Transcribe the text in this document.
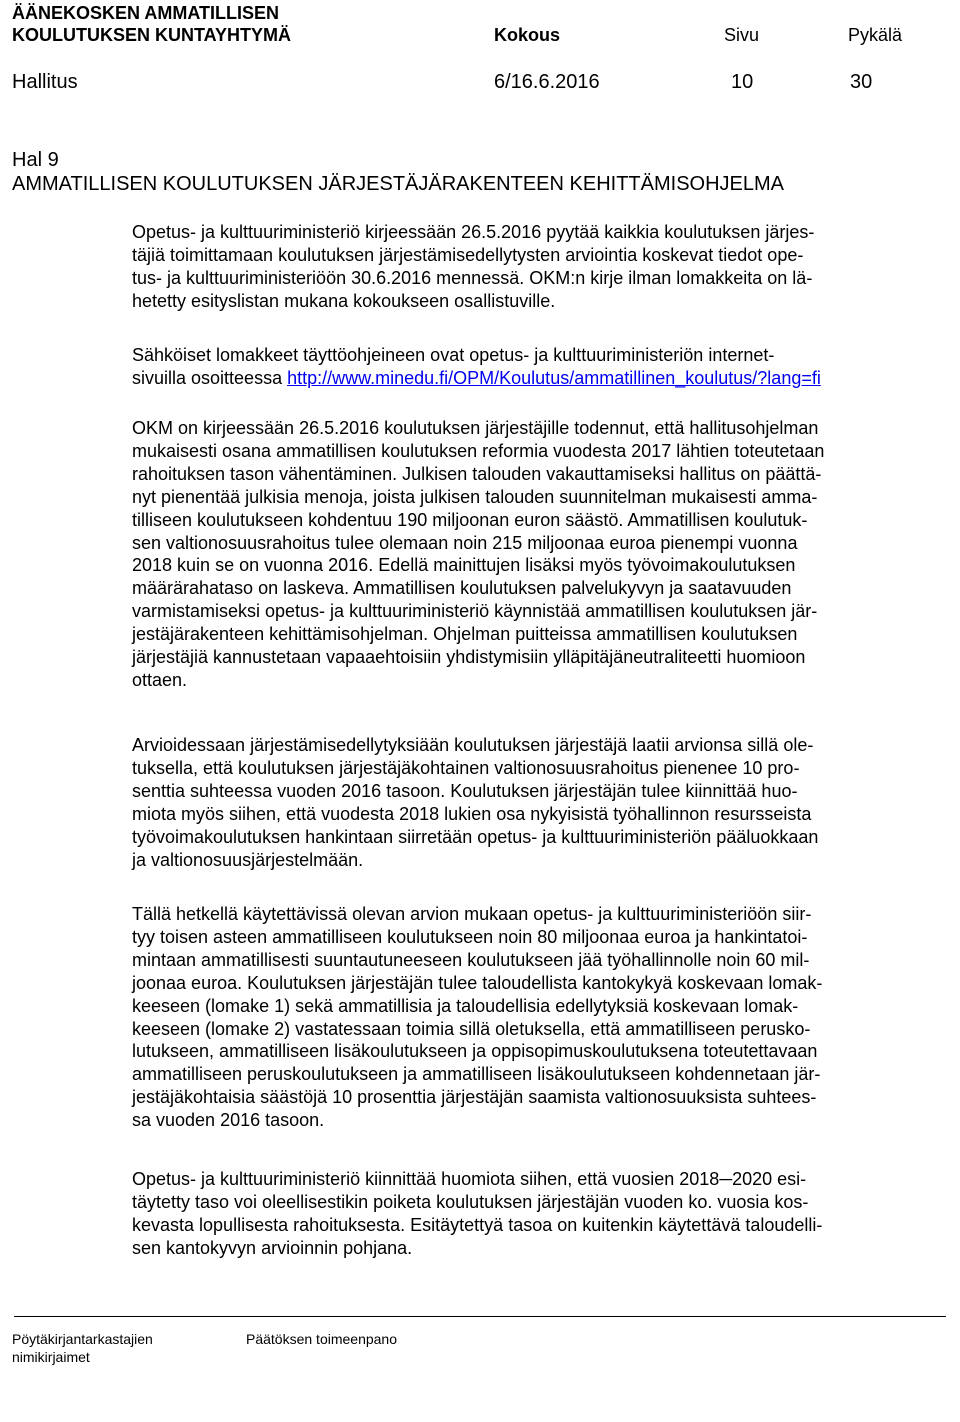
ÄÄNEKOSKEN AMMATILLISEN
KOULUTUKSEN KUNTAYHTYMÄ	Kokous	Sivu	Pykälä
Hallitus	6/16.6.2016	10	30
Hal 9
AMMATILLISEN KOULUTUKSEN JÄRJESTÄJÄRAKENTEEN KEHITTÄMISOHJELMA
Opetus- ja kulttuuriministeriö kirjeessään 26.5.2016 pyytää kaikkia koulutuksen järjes-
täjiä toimittamaan koulutuksen järjestämisedellytysten arviointia koskevat tiedot ope-
tus- ja kulttuuriministeriöön 30.6.2016 mennessä. OKM:n kirje ilman lomakkeita on lä-
hetetty esityslistan mukana kokoukseen osallistuville.
Sähköiset lomakkeet täyttöohjeineen ovat opetus- ja kulttuuriministeriön internet-
sivuilla osoitteessa http://www.minedu.fi/OPM/Koulutus/ammatillinen_koulutus/?lang=fi
OKM on kirjeessään 26.5.2016 koulutuksen järjestäjille todennut, että hallitusohjelman
mukaisesti osana ammatillisen koulutuksen reformia vuodesta 2017 lähtien toteutetaan
rahoituksen tason vähentäminen. Julkisen talouden vakauttamiseksi hallitus on päättä-
nyt pienentää julkisia menoja, joista julkisen talouden suunnitelman mukaisesti amma-
tilliseen koulutukseen kohdentuu 190 miljoonan euron säästö. Ammatillisen koulutuk-
sen valtionosuusrahoitus tulee olemaan noin 215 miljoonaa euroa pienempi vuonna
2018 kuin se on vuonna 2016. Edellä mainittujen lisäksi myös työvoimakoulutuksen
määrärahataso on laskeva. Ammatillisen koulutuksen palvelukyvyn ja saatavuuden
varmistamiseksi opetus- ja kulttuuriministeriö käynnistää ammatillisen koulutuksen jär-
jestäjärakenteen kehittämisohjelman. Ohjelman puitteissa ammatillisen koulutuksen
järjestäjiä kannustetaan vapaaehtoisiin yhdistymisiin ylläpitäjäneutraliteetti huomioon
ottaen.
Arvioidessaan järjestämisedellytyksiään koulutuksen järjestäjä laatii arvionsa sillä ole-
tuksella, että koulutuksen järjestäjäkohtainen valtionosuusrahoitus pienenee 10 pro-
senttia suhteessa vuoden 2016 tasoon. Koulutuksen järjestäjän tulee kiinnittää huo-
miota myös siihen, että vuodesta 2018 lukien osa nykyisistä työhallinnon resursseista
työvoimakoulutuksen hankintaan siirretään opetus- ja kulttuuriministeriön pääluokkaan
ja valtionosuusjärjestelmään.
Tällä hetkellä käytettävissä olevan arvion mukaan opetus- ja kulttuuriministeriöön siir-
tyy toisen asteen ammatilliseen koulutukseen noin 80 miljoonaa euroa ja hankintatoi-
mintaan ammatillisesti suuntautuneeseen koulutukseen jää työhallinnolle noin 60 mil-
joonaa euroa. Koulutuksen järjestäjän tulee taloudellista kantokykyä koskevaan lomak-
keeseen (lomake 1) sekä ammatillisia ja taloudellisia edellytyksiä koskevaan lomak-
keeseen (lomake 2) vastatessaan toimia sillä oletuksella, että ammatilliseen perusko-
lutukseen, ammatilliseen lisäkoulutukseen ja oppisopimuskoulutuksena toteutettavaan
ammatilliseen peruskoulutukseen ja ammatilliseen lisäkoulutukseen kohdennetaan jär-
jestäjäkohtaisia säästöjä 10 prosenttia järjestäjän saamista valtionosuuksista suhtees-
sa vuoden 2016 tasoon.
Opetus- ja kulttuuriministeriö kiinnittää huomiota siihen, että vuosien 2018─2020 esi-
täytetty taso voi oleellisestikin poiketa koulutuksen järjestäjän vuoden ko. vuosia kos-
kevasta lopullisesta rahoituksesta. Esitäytettyä tasoa on kuitenkin käytettävä taloudelli-
sen kantokyvyn arvioinnin pohjana.
Pöytäkirjantarkastajien
nimikirjaimet
Päätöksen toimeenpano
